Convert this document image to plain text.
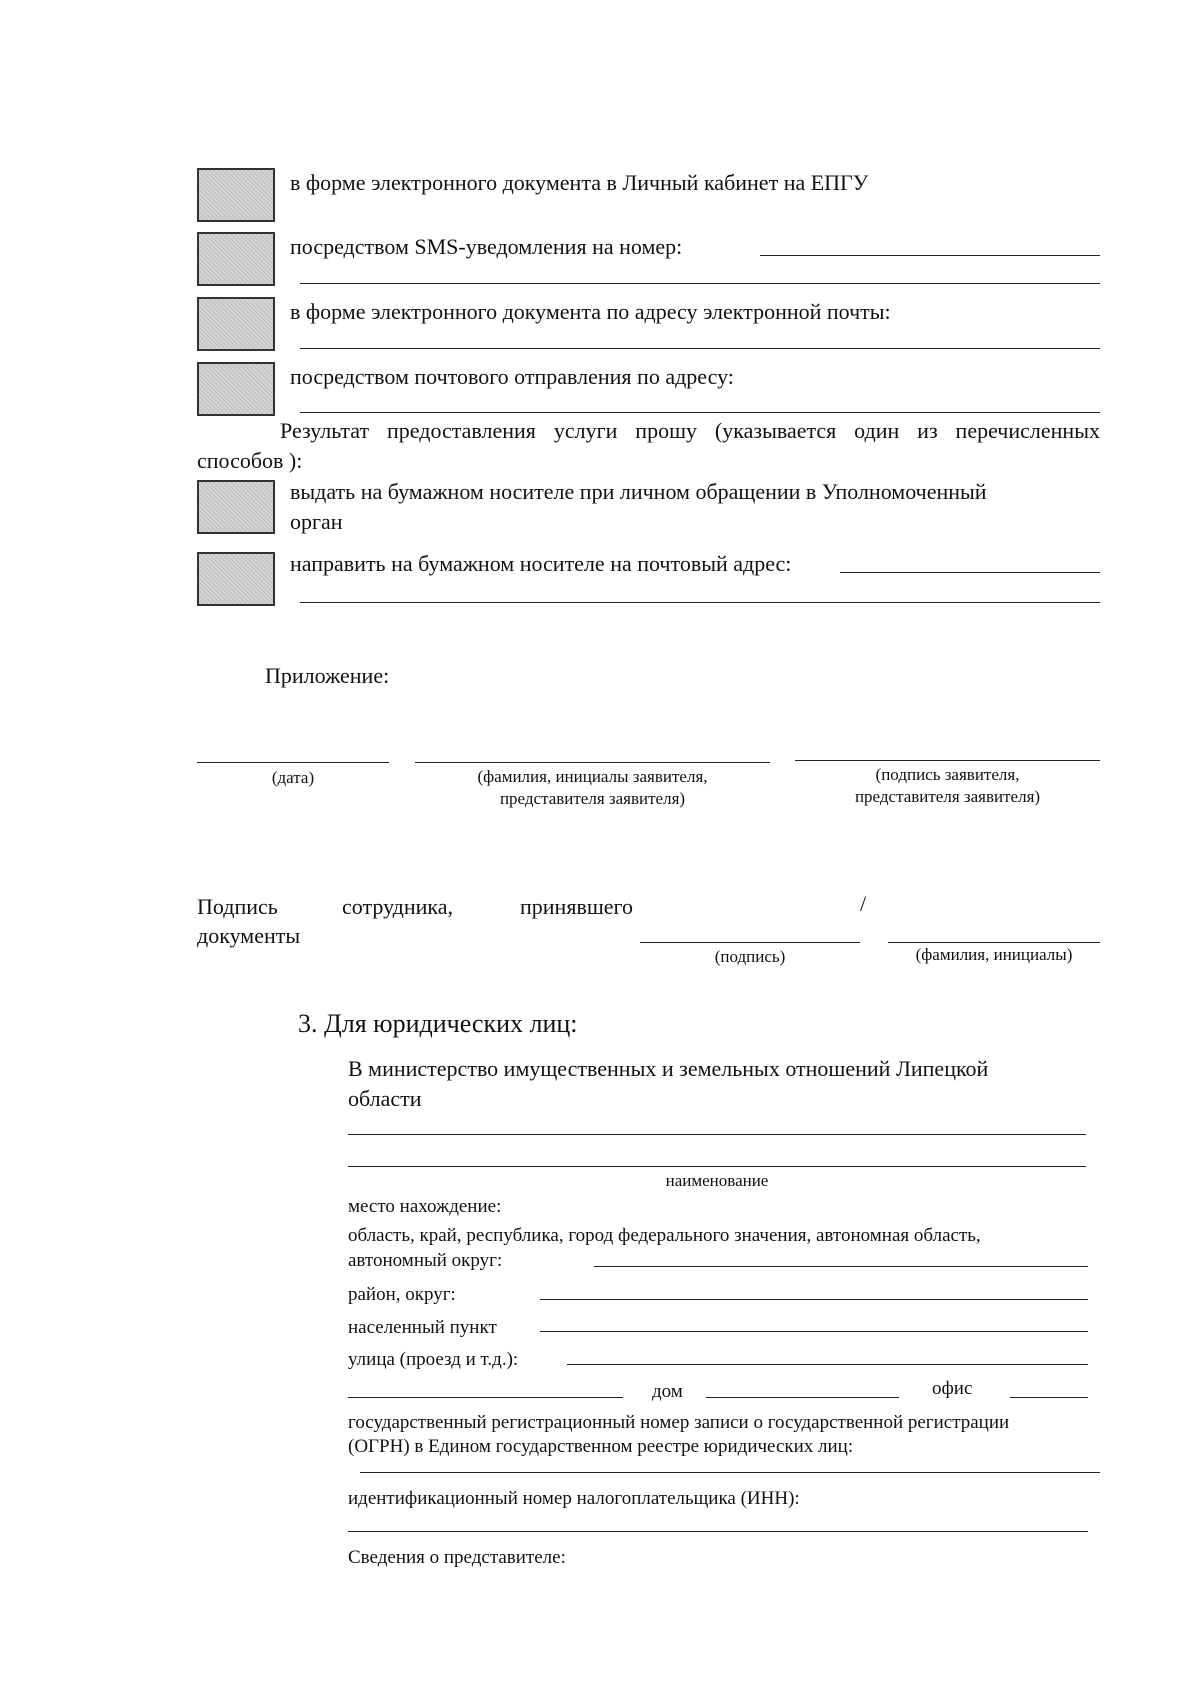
в форме электронного документа в Личный кабинет на ЕПГУ
посредством SMS-уведомления на номер:
в форме электронного документа по адресу электронной почты:
посредством почтового отправления по адресу:
Результат предоставления услуги прошу (указывается один из перечисленных
способов ):
выдать на бумажном носителе при личном обращении в Уполномоченный
орган
направить на бумажном носителе на почтовый адрес:
Приложение:
(дата)	(фамилия, инициалы заявителя,
представителя заявителя)
(подпись заявителя,
представителя заявителя)
Подпись	сотрудника,	принявшего	/
документы
(подпись)	(фамилия, инициалы)
3. Для юридических лиц:
В министерство имущественных и земельных отношений Липецкой
области
наименование
место нахождение:
область, край, республика, город федерального значения, автономная область,
автономный округ:
район, округ:
населенный пункт
улица (проезд и т.д.):
дом	офис
государственный регистрационный номер записи о государственной регистрации
(ОГРН) в Едином государственном реестре юридических лиц:
идентификационный номер налогоплательщика (ИНН):
Сведения о представителе:
